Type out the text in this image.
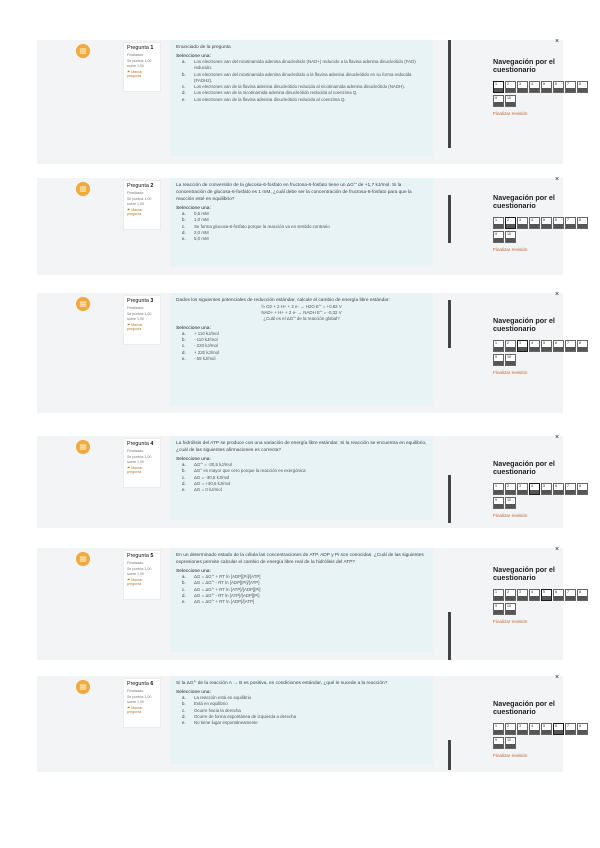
Pregunta 1
Finalizado
Se puntúa 1,00 sobre 1,00
⚑ Marcar pregunta
Enunciado de la pregunta
Seleccione una:
a.	Los electrones van del nicotinamida adenina dinucleótido (NAD+) reducido a la flavina adenina dinucleótido (FAD) reducido.
b.	Los electrones van del nicotinamida adenina dinucleótido a la flavina adenina dinucleótido en su forma reducida (FADH2).
c.	Los electrones van de la flavina adenina dinucleótido reducida al nicotinamida adenina dinucleótido (NADH).
d.	Los electrones van de la nicotinamida adenina dinucleótido reducida al coenzima Q.
e.	Los electrones van de la flavina adenina dinucleótido reducida al coenzima Q.
×
Navegación por el cuestionario
1	2	3	4	5	6	7	8
9	10
Finalizar revisión
Pregunta 2
Finalizado
Se puntúa 1,00 sobre 1,00
⚑ Marcar pregunta
La reacción de conversión de la glucosa-6-fosfato en fructosa-6-fosfato tiene un ΔG°' de +1,7 kJ/mol. Si la concentración de glucosa-6-fosfato es 1 mM, ¿cuál debe ser la concentración de fructosa-6-fosfato para que la reacción esté en equilibrio?
Seleccione una:
a.	0,5 mM
b.	1,0 mM
c.	Se forma glucosa-6-fosfato porque la reacción va en sentido contrario
d.	2,0 mM
e.	5,0 mM
×
Navegación por el cuestionario
1	2	3	4	5	6	7	8
9	10
Finalizar revisión
Pregunta 3
Finalizado
Se puntúa 1,00 sobre 1,00
⚑ Marcar pregunta
Dados los siguientes potenciales de reducción estándar, calcule el cambio de energía libre estándar:
½ O2 + 2 H+ + 2 e- → H2O E°' = +0,82 V
NAD+ + H+ + 2 e- → NADH E°' = -0,32 V
¿Cuál es el ΔG°' de la reacción global?
Seleccione una:
a.	+ 110 kJ/mol
b.	- 110 kJ/mol
c.	- 220 kJ/mol
d.	+ 220 kJ/mol
e.	- 55 kJ/mol
×
Navegación por el cuestionario
1	2	3	4	5	6	7	8
9	10
Finalizar revisión
Pregunta 4
Finalizado
Se puntúa 1,00 sobre 1,00
⚑ Marcar pregunta
La hidrólisis del ATP se produce con una variación de energía libre estándar. Si la reacción se encuentra en equilibrio, ¿cuál de las siguientes afirmaciones es correcta?
Seleccione una:
a.	ΔG°' = -30,5 kJ/mol
b.	ΔG° es mayor que cero porque la reacción es exergónica
c.	ΔG = -30,5 kJ/mol
d.	ΔG = +30,5 kJ/mol
e.	ΔG = 0 kJ/mol
×
Navegación por el cuestionario
1	2	3	4	5	6	7	8
9	10
Finalizar revisión
Pregunta 5
Finalizado
Se puntúa 1,00 sobre 1,00
⚑ Marcar pregunta
En un determinado estado de la célula las concentraciones de ATP, ADP y Pi son conocidas. ¿Cuál de las siguientes expresiones permite calcular el cambio de energía libre real de la hidrólisis del ATP?
Seleccione una:
a.	ΔG = ΔG°' + RT ln [ADP][Pi]/[ATP]
b.	ΔG = ΔG°' - RT ln [ADP][Pi]/[ATP]
c.	ΔG = ΔG°' + RT ln [ATP]/[ADP][Pi]
d.	ΔG = ΔG°' - RT ln [ATP]/[ADP][Pi]
e.	ΔG = ΔG°' + RT ln [ADP]/[ATP]
×
Navegación por el cuestionario
1	2	3	4	5	6	7	8
9	10
Finalizar revisión
Pregunta 6
Finalizado
Se puntúa 1,00 sobre 1,00
⚑ Marcar pregunta
Si la ΔG°' de la reacción A → B es positiva, en condiciones estándar, ¿qué le sucede a la reacción?
Seleccione una:
a.	La reacción está en equilibrio
b.	Está en equilibrio
c.	Ocurre hacia la derecha
d.	Ocurre de forma espontánea de izquierda a derecha
e.	No tiene lugar espontáneamente
×
Navegación por el cuestionario
1	2	3	4	5	6	7	8
9	10
Finalizar revisión
